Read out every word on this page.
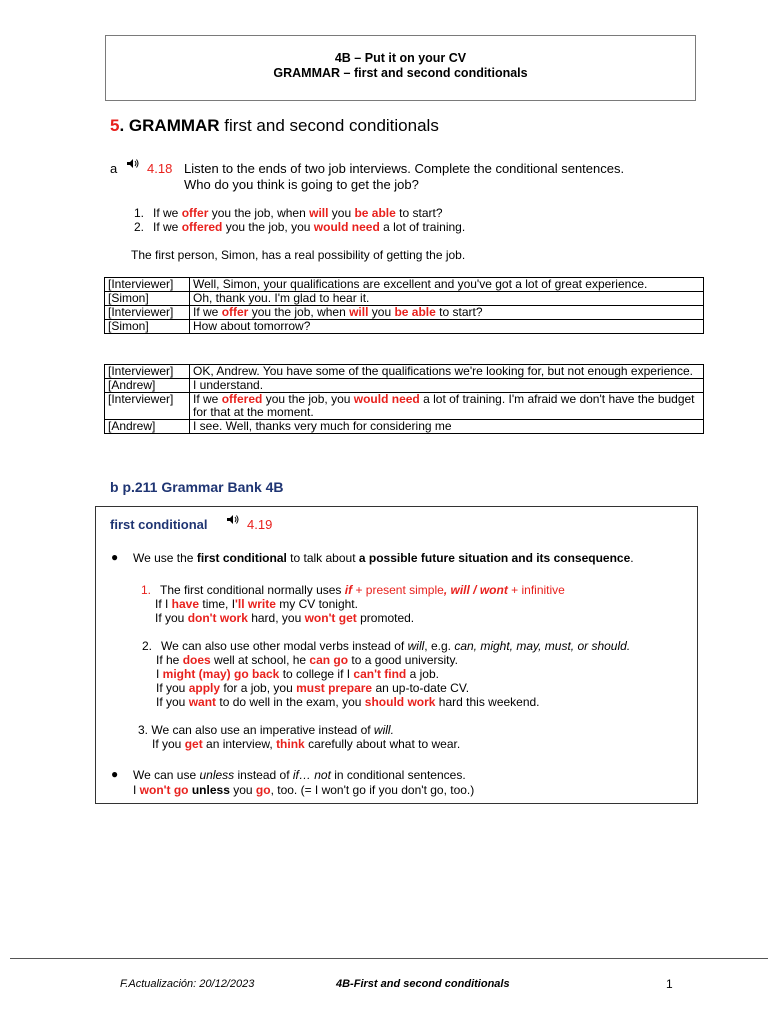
4B – Put it on your CV
GRAMMAR – first and second conditionals
5. GRAMMAR first and second conditionals
a 4.18 Listen to the ends of two job interviews. Complete the conditional sentences.
Who do you think is going to get the job?
1. If we offer you the job, when will you be able to start?
2. If we offered you the job, you would need a lot of training.
The first person, Simon, has a real possibility of getting the job.
[Interviewer]	Well, Simon, your qualifications are excellent and you've got a lot of great experience.
[Simon]	Oh, thank you. I'm glad to hear it.
[Interviewer]	If we offer you the job, when will you be able to start?
[Simon]	How about tomorrow?
[Interviewer]	OK, Andrew. You have some of the qualifications we're looking for, but not enough experience.
[Andrew]	I understand.
[Interviewer]	If we offered you the job, you would need a lot of training. I'm afraid we don't have the budget for that at the moment.
[Andrew]	I see. Well, thanks very much for considering me
b p.211 Grammar Bank 4B
first conditional	4.19
● We use the first conditional to talk about a possible future situation and its consequence.
1. The first conditional normally uses if + present simple, will / wont + infinitive
If I have time, I'll write my CV tonight.
If you don't work hard, you won't get promoted.
2. We can also use other modal verbs instead of will, e.g. can, might, may, must, or should.
If he does well at school, he can go to a good university.
I might (may) go back to college if I can't find a job.
If you apply for a job, you must prepare an up-to-date CV.
If you want to do well in the exam, you should work hard this weekend.
3. We can also use an imperative instead of will.
If you get an interview, think carefully about what to wear.
● We can use unless instead of if… not in conditional sentences.
I won't go unless you go, too. (= I won't go if you don't go, too.)
F.Actualización: 20/12/2023	4B-First and second conditionals	1
